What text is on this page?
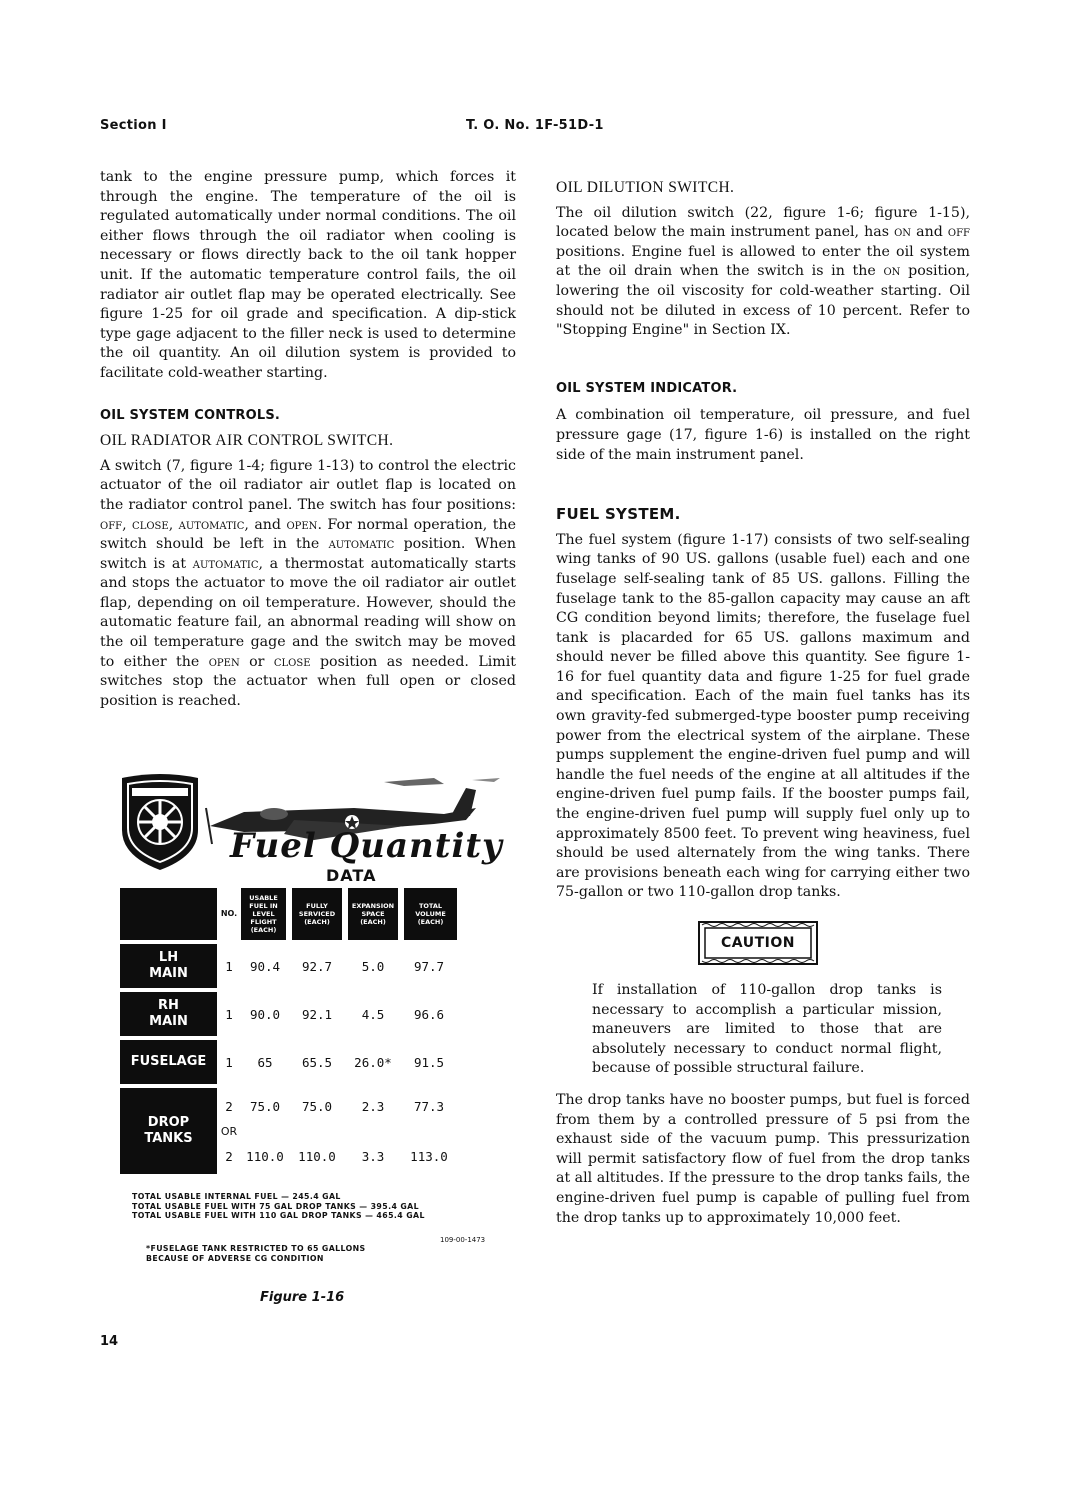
Section I	T. O. No. 1F-51D-1

tank to the engine pressure pump, which forces it through the engine. The temperature of the oil is regulated automatically under normal conditions. The oil either flows through the oil radiator when cooling is necessary or flows directly back to the oil tank hopper unit. If the automatic temperature control fails, the oil radiator air outlet flap may be operated electrically. See figure 1-25 for oil grade and specification. A dip-stick type gage adjacent to the filler neck is used to determine the oil quantity. An oil dilution system is provided to facilitate cold-weather starting.

OIL SYSTEM CONTROLS.
OIL RADIATOR AIR CONTROL SWITCH.

A switch (7, figure 1-4; figure 1-13) to control the electric actuator of the oil radiator air outlet flap is located on the radiator control panel. The switch has four positions: off, close, automatic, and open. For normal operation, the switch should be left in the automatic position. When switch is at automatic, a thermostat automatically starts and stops the actuator to move the oil radiator air outlet flap, depending on oil temperature. However, should the automatic feature fail, an abnormal reading will show on the oil temperature gage and the switch may be moved to either the open or close position as needed. Limit switches stop the actuator when full open or closed position is reached.

Fuel Quantity
DATA
	NO.	USABLE
FUEL IN
LEVEL FLIGHT
(EACH)	FULLY
SERVICED
(EACH)	EXPANSION
SPACE
(EACH)	TOTAL
VOLUME
(EACH)

LH
MAIN	1	90.4	92.7	5.0	97.7

RH
MAIN	1	90.0	92.1	4.5	96.6

FUSELAGE	1	65	65.5	26.0*	91.5

DROP
TANKS	2	75.0	75.0	2.3	77.3
	OR				
	2	110.0	110.0	3.3	113.0
TOTAL USABLE INTERNAL FUEL — 245.4 GAL
TOTAL USABLE FUEL WITH 75 GAL DROP TANKS — 395.4 GAL
TOTAL USABLE FUEL WITH 110 GAL DROP TANKS — 465.4 GAL
*FUSELAGE TANK RESTRICTED TO 65 GALLONS
BECAUSE OF ADVERSE CG CONDITION
109-00-1473
Figure 1-16
14
OIL DILUTION SWITCH.

The oil dilution switch (22, figure 1-6; figure 1-15), located below the main instrument panel, has on and off positions. Engine fuel is allowed to enter the oil system at the oil drain when the switch is in the on position, lowering the oil viscosity for cold-weather starting. Oil should not be diluted in excess of 10 percent. Refer to "Stopping Engine" in Section IX.

OIL SYSTEM INDICATOR.

A combination oil temperature, oil pressure, and fuel pressure gage (17, figure 1-6) is installed on the right side of the main instrument panel.

FUEL SYSTEM.

The fuel system (figure 1-17) consists of two self-sealing wing tanks of 90 US. gallons (usable fuel) each and one fuselage self-sealing tank of 85 US. gallons. Filling the fuselage tank to the 85-gallon capacity may cause an aft CG condition beyond limits; therefore, the fuselage fuel tank is placarded for 65 US. gallons maximum and should never be filled above this quantity. See figure 1-16 for fuel quantity data and figure 1-25 for fuel grade and specification. Each of the main fuel tanks has its own gravity-fed submerged-type booster pump receiving power from the electrical system of the airplane. These pumps supplement the engine-driven fuel pump and will handle the fuel needs of the engine at all altitudes if the engine-driven fuel pump fails. If the booster pumps fail, the engine-driven fuel pump will supply fuel only up to approximately 8500 feet. To prevent wing heaviness, fuel should be used alternately from the wing tanks. There are provisions beneath each wing for carrying either two 75-gallon or two 110-gallon drop tanks.

CAUTION

If installation of 110-gallon drop tanks is necessary to accomplish a particular mission, maneuvers are limited to those that are absolutely necessary to conduct normal flight, because of possible structural failure.

The drop tanks have no booster pumps, but fuel is forced from them by a controlled pressure of 5 psi from the exhaust side of the vacuum pump. This pressurization will permit satisfactory flow of fuel from the drop tanks at all altitudes. If the pressure to the drop tanks fails, the engine-driven fuel pump is capable of pulling fuel from the drop tanks up to approximately 10,000 feet.
